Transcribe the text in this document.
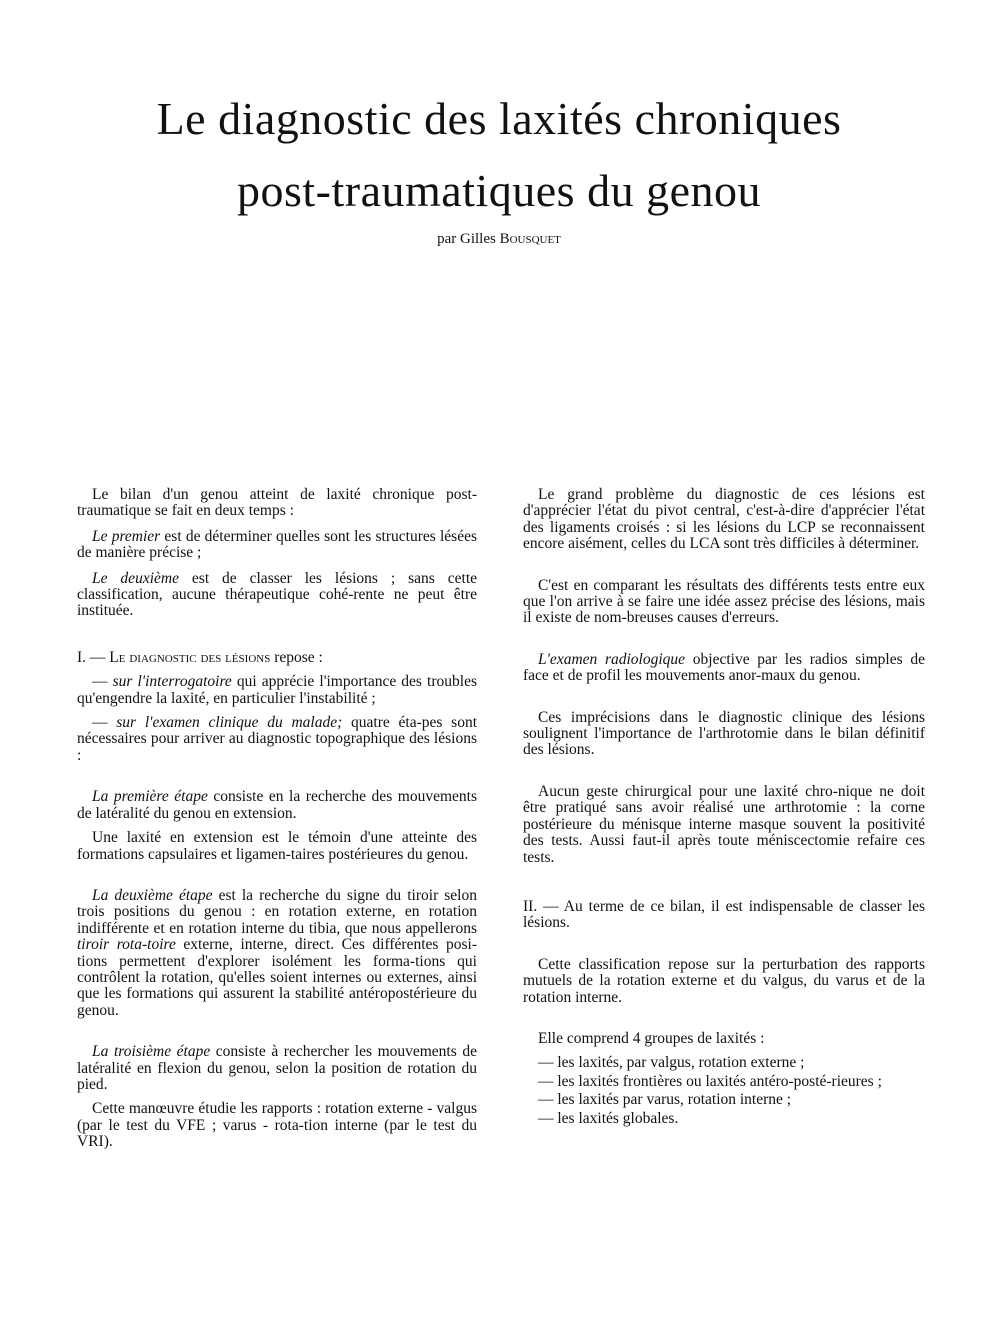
Le diagnostic des laxités chroniques
post-traumatiques du genou
par Gilles Bousquet

Le bilan d'un genou atteint de laxité chronique post-traumatique se fait en deux temps :

Le premier est de déterminer quelles sont les structures lésées de manière précise ;

Le deuxième est de classer les lésions ; sans cette classification, aucune thérapeutique cohé-rente ne peut être instituée.

I. — Le diagnostic des lésions repose :

— sur l'interrogatoire qui apprécie l'importance des troubles qu'engendre la laxité, en particulier l'instabilité ;

— sur l'examen clinique du malade; quatre éta-pes sont nécessaires pour arriver au diagnostic topographique des lésions :

La première étape consiste en la recherche des mouvements de latéralité du genou en extension.

Une laxité en extension est le témoin d'une atteinte des formations capsulaires et ligamen-taires postérieures du genou.

La deuxième étape est la recherche du signe du tiroir selon trois positions du genou : en rotation externe, en rotation indifférente et en rotation interne du tibia, que nous appellerons tiroir rota-toire externe, interne, direct. Ces différentes posi-tions permettent d'explorer isolément les forma-tions qui contrôlent la rotation, qu'elles soient internes ou externes, ainsi que les formations qui assurent la stabilité antéropostérieure du genou.

La troisième étape consiste à rechercher les mouvements de latéralité en flexion du genou, selon la position de rotation du pied.

Cette manœuvre étudie les rapports : rotation externe - valgus (par le test du VFE ; varus - rota-tion interne (par le test du VRI).

Le grand problème du diagnostic de ces lésions est d'apprécier l'état du pivot central, c'est-à-dire d'apprécier l'état des ligaments croisés : si les lésions du LCP se reconnaissent encore aisément, celles du LCA sont très difficiles à déterminer.

C'est en comparant les résultats des différents tests entre eux que l'on arrive à se faire une idée assez précise des lésions, mais il existe de nom-breuses causes d'erreurs.

L'examen radiologique objective par les radios simples de face et de profil les mouvements anor-maux du genou.

Ces imprécisions dans le diagnostic clinique des lésions soulignent l'importance de l'arthrotomie dans le bilan définitif des lésions.

Aucun geste chirurgical pour une laxité chro-nique ne doit être pratiqué sans avoir réalisé une arthrotomie : la corne postérieure du ménisque interne masque souvent la positivité des tests. Aussi faut-il après toute méniscectomie refaire ces tests.

II. — Au terme de ce bilan, il est indispensable de classer les lésions.

Cette classification repose sur la perturbation des rapports mutuels de la rotation externe et du valgus, du varus et de la rotation interne.

Elle comprend 4 groupes de laxités :

— les laxités, par valgus, rotation externe ;
— les laxités frontières ou laxités antéro-posté-rieures ;
— les laxités par varus, rotation interne ;
— les laxités globales.
